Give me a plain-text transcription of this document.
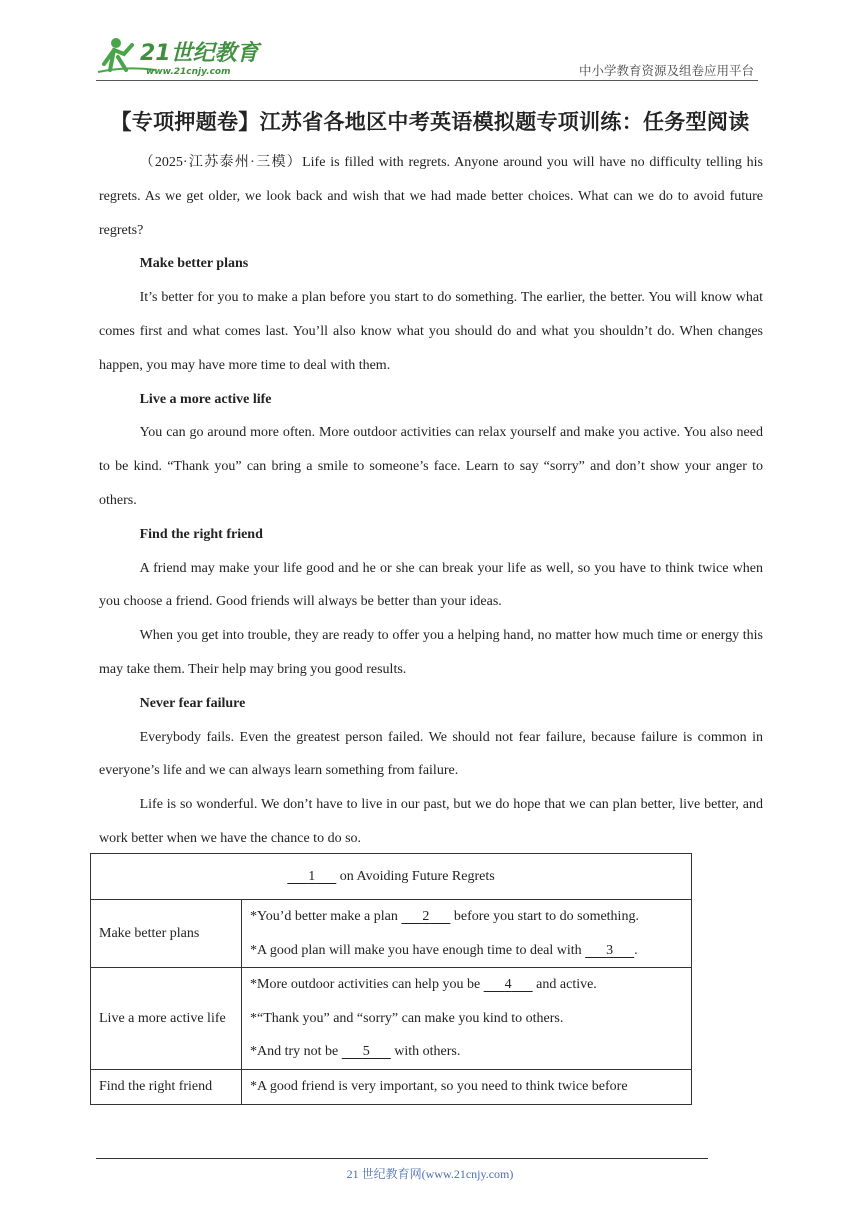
21世纪教育
www.21cnjy.com	中小学教育资源及组卷应用平台
【专项押题卷】江苏省各地区中考英语模拟题专项训练：任务型阅读

（2025·江苏泰州·三模）Life is filled with regrets. Anyone around you will have no difficulty telling his regrets. As we get older, we look back and wish that we had made better choices. What can we do to avoid future regrets?

Make better plans

It’s better for you to make a plan before you start to do something. The earlier, the better. You will know what comes first and what comes last. You’ll also know what you should do and what you shouldn’t do. When changes happen, you may have more time to deal with them.

Live a more active life

You can go around more often. More outdoor activities can relax yourself and make you active. You also need to be kind. “Thank you” can bring a smile to someone’s face. Learn to say “sorry” and don’t show your anger to others.

Find the right friend

A friend may make your life good and he or she can break your life as well, so you have to think twice when you choose a friend. Good friends will always be better than your ideas.

When you get into trouble, they are ready to offer you a helping hand, no matter how much time or energy this may take them. Their help may bring you good results.

Never fear failure

Everybody fails. Even the greatest person failed. We should not fear failure, because failure is common in everyone’s life and we can always learn something from failure.

Life is so wonderful. We don’t have to live in our past, but we do hope that we can plan better, live better, and work better when we have the chance to do so.

1 on Avoiding Future Regrets	
Make better plans	*You’d better make a plan 2 before you start to do something.
*A good plan will make you have enough time to deal with 3 .

Live a more active life	*More outdoor activities can help you be 4 and active.
*“Thank you” and “sorry” can make you kind to others.
*And try not be 5 with others.

Find the right friend	*A good friend is very important, so you need to think twice before
21 世纪教育网(www.21cnjy.com)
